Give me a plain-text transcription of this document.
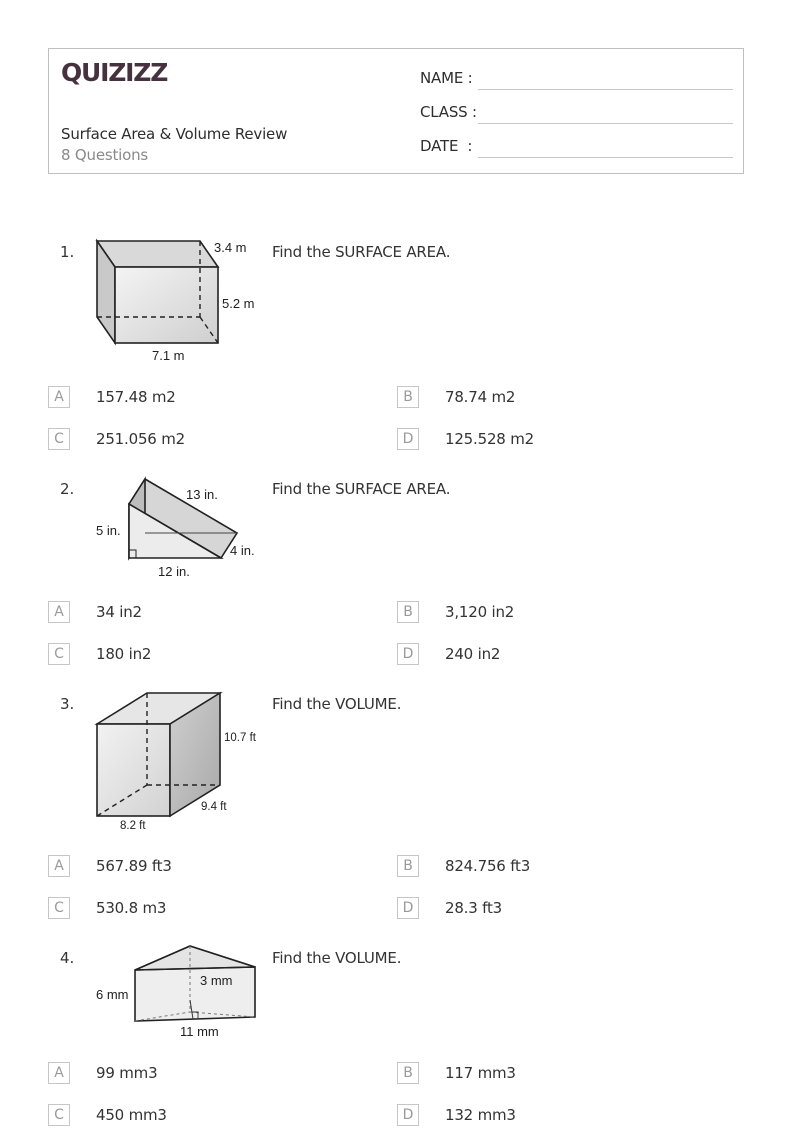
QUIZIZZ
Surface Area & Volume Review
8 Questions
NAME :
CLASS :
DATE  :
1.	Find the SURFACE AREA.
3.4 m
5.2 m
7.1 m
A	157.48 m2	B	78.74 m2
C	251.056 m2	D	125.528 m2
2.	Find the SURFACE AREA.
13 in.
5 in.
4 in.
12 in.
A	34 in2	B	3,120 in2
C	180 in2	D	240 in2
3.	Find the VOLUME.
10.7 ft
9.4 ft
8.2 ft
A	567.89 ft3	B	824.756 ft3
C	530.8 m3	D	28.3 ft3
4.	Find the VOLUME.
3 mm
6 mm
11 mm
A	99 mm3	B	117 mm3
C	450 mm3	D	132 mm3
